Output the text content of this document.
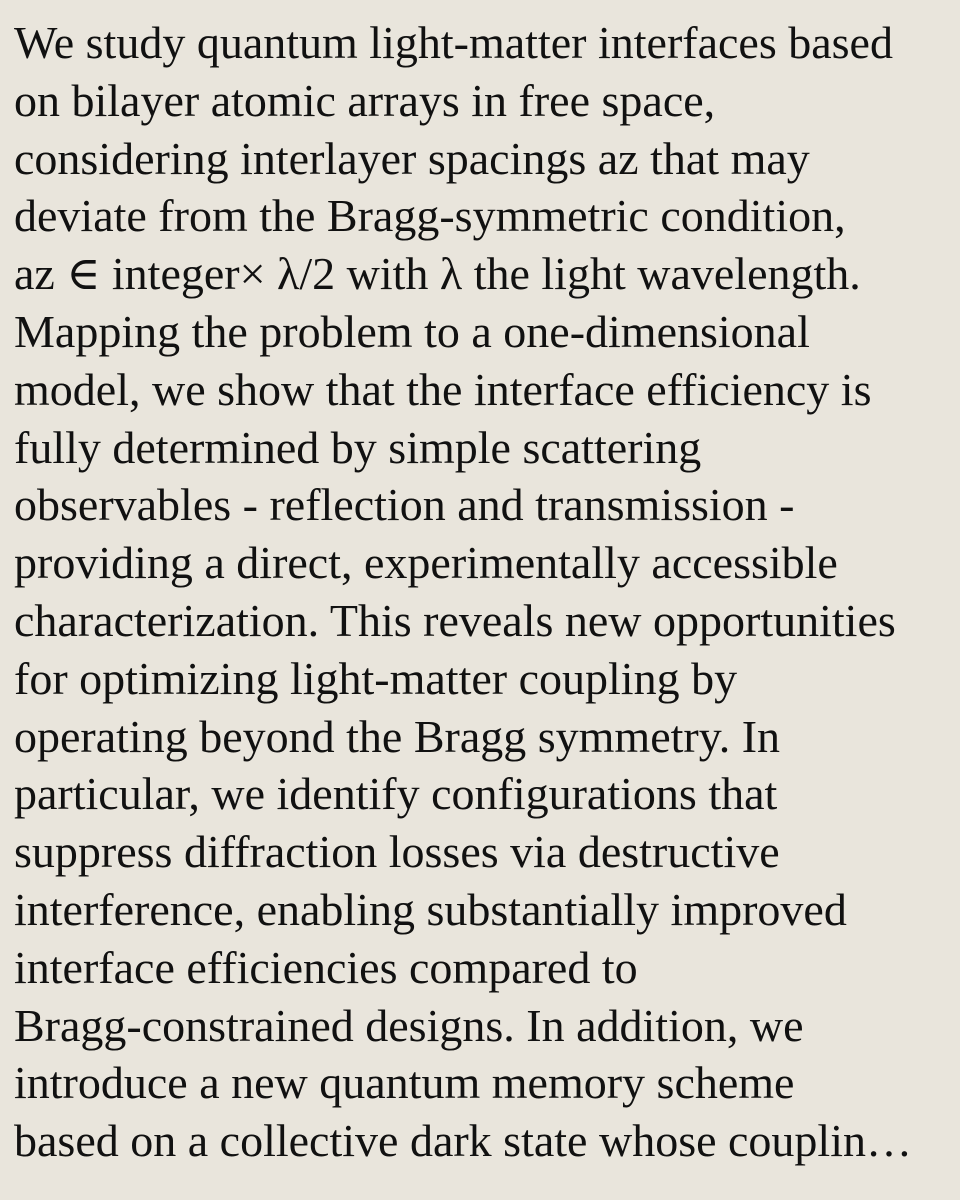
We study quantum light-matter interfaces based

on bilayer atomic arrays in free space,

considering interlayer spacings az that may

deviate from the Bragg-symmetric condition,

az ∈ integer× λ/2 with λ the light wavelength.

Mapping the problem to a one-dimensional

model, we show that the interface efficiency is

fully determined by simple scattering

observables - reflection and transmission -

providing a direct, experimentally accessible

characterization. This reveals new opportunities

for optimizing light-matter coupling by

operating beyond the Bragg symmetry. In

particular, we identify configurations that

suppress diffraction losses via destructive

interference, enabling substantially improved

interface efficiencies compared to

Bragg-constrained designs. In addition, we

introduce a new quantum memory scheme

based on a collective dark state whose couplin…
